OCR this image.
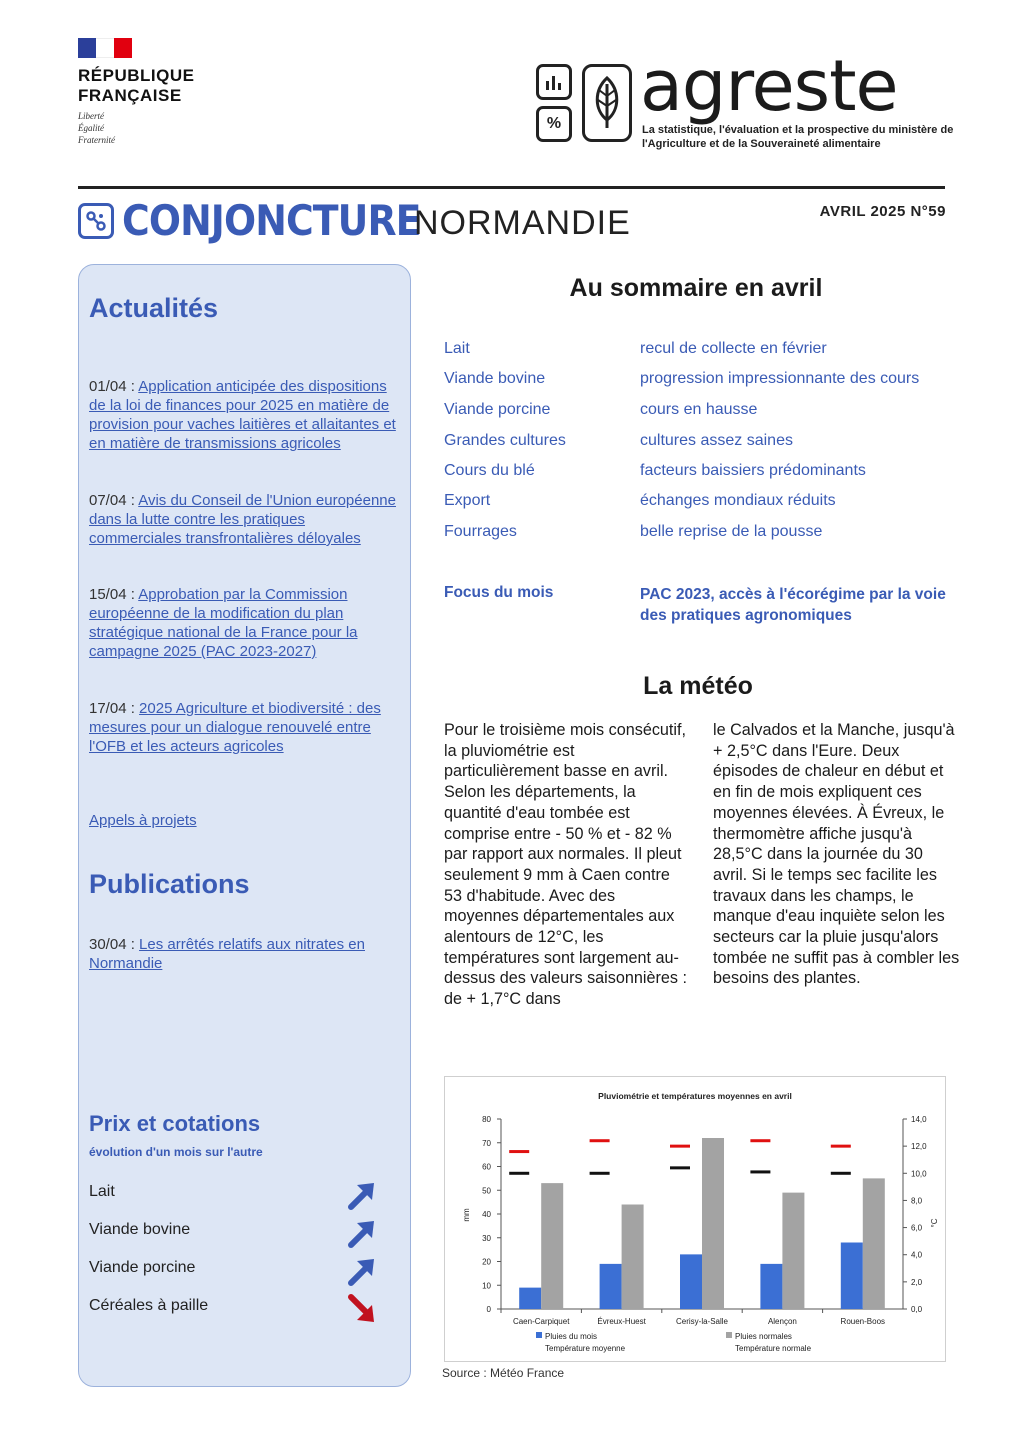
RÉPUBLIQUE
FRANÇAISE
Liberté
Égalité
Fraternité
% agreste
La statistique, l'évaluation et la prospective du ministère de l'Agriculture et de la Souveraineté alimentaire
CONJONCTURE
NORMANDIE	AVRIL 2025 N°59
Actualités
01/04 : Application anticipée des dispositions de la loi de finances pour 2025 en matière de provision pour vaches laitières et allaitantes et en matière de transmissions agricoles
07/04 : Avis du Conseil de l'Union européenne dans la lutte contre les pratiques commerciales transfrontalières déloyales
15/04 : Approbation par la Commission européenne de la modification du plan stratégique national de la France pour la campagne 2025 (PAC 2023-2027)
17/04 : 2025 Agriculture et biodiversité : des mesures pour un dialogue renouvelé entre l'OFB et les acteurs agricoles
Appels à projets
Publications
30/04 : Les arrêtés relatifs aux nitrates en Normandie
Prix et cotations
évolution d'un mois sur l'autre
Lait
Viande bovine
Viande porcine
Céréales à paille
Au sommaire en avril
Lait	recul de collecte en février
Viande bovine	progression impressionnante des cours
Viande porcine	cours en hausse
Grandes cultures	cultures assez saines
Cours du blé	facteurs baissiers prédominants
Export	échanges mondiaux réduits
Fourrages	belle reprise de la pousse
Focus du mois	PAC 2023, accès à l'écorégime par la voie des pratiques agronomiques
La météo
Pour le troisième mois consécutif, la pluviométrie est particulièrement basse en avril. Selon les départements, la quantité d'eau tombée est comprise entre - 50 % et - 82 % par rapport aux normales. Il pleut seulement 9 mm à Caen contre 53 d'habitude. Avec des moyennes départementales aux alentours de 12°C, les températures sont largement au-dessus des valeurs saisonnières : de + 1,7°C dans
le Calvados et la Manche, jusqu'à + 2,5°C dans l'Eure. Deux épisodes de chaleur en début et en fin de mois expliquent ces moyennes élevées. À Évreux, le thermomètre affiche jusqu'à 28,5°C dans la journée du 30 avril. Si le temps sec facilite les travaux dans les champs, le manque d'eau inquiète selon les secteurs car la pluie jusqu'alors tombée ne suffit pas à combler les besoins des plantes.
Pluviométrie et températures moyennes en avril
mm
°C
0
10
20
30
40
50
60
70
80
0,0
2,0
4,0
6,0
8,0
10,0
12,0
14,0
Caen-Carpiquet	Évreux-Huest	Cerisy-la-Salle	Alençon	Rouen-Boos
Pluies du mois	Pluies normales
Température moyenne	Température normale
Source : Météo France
